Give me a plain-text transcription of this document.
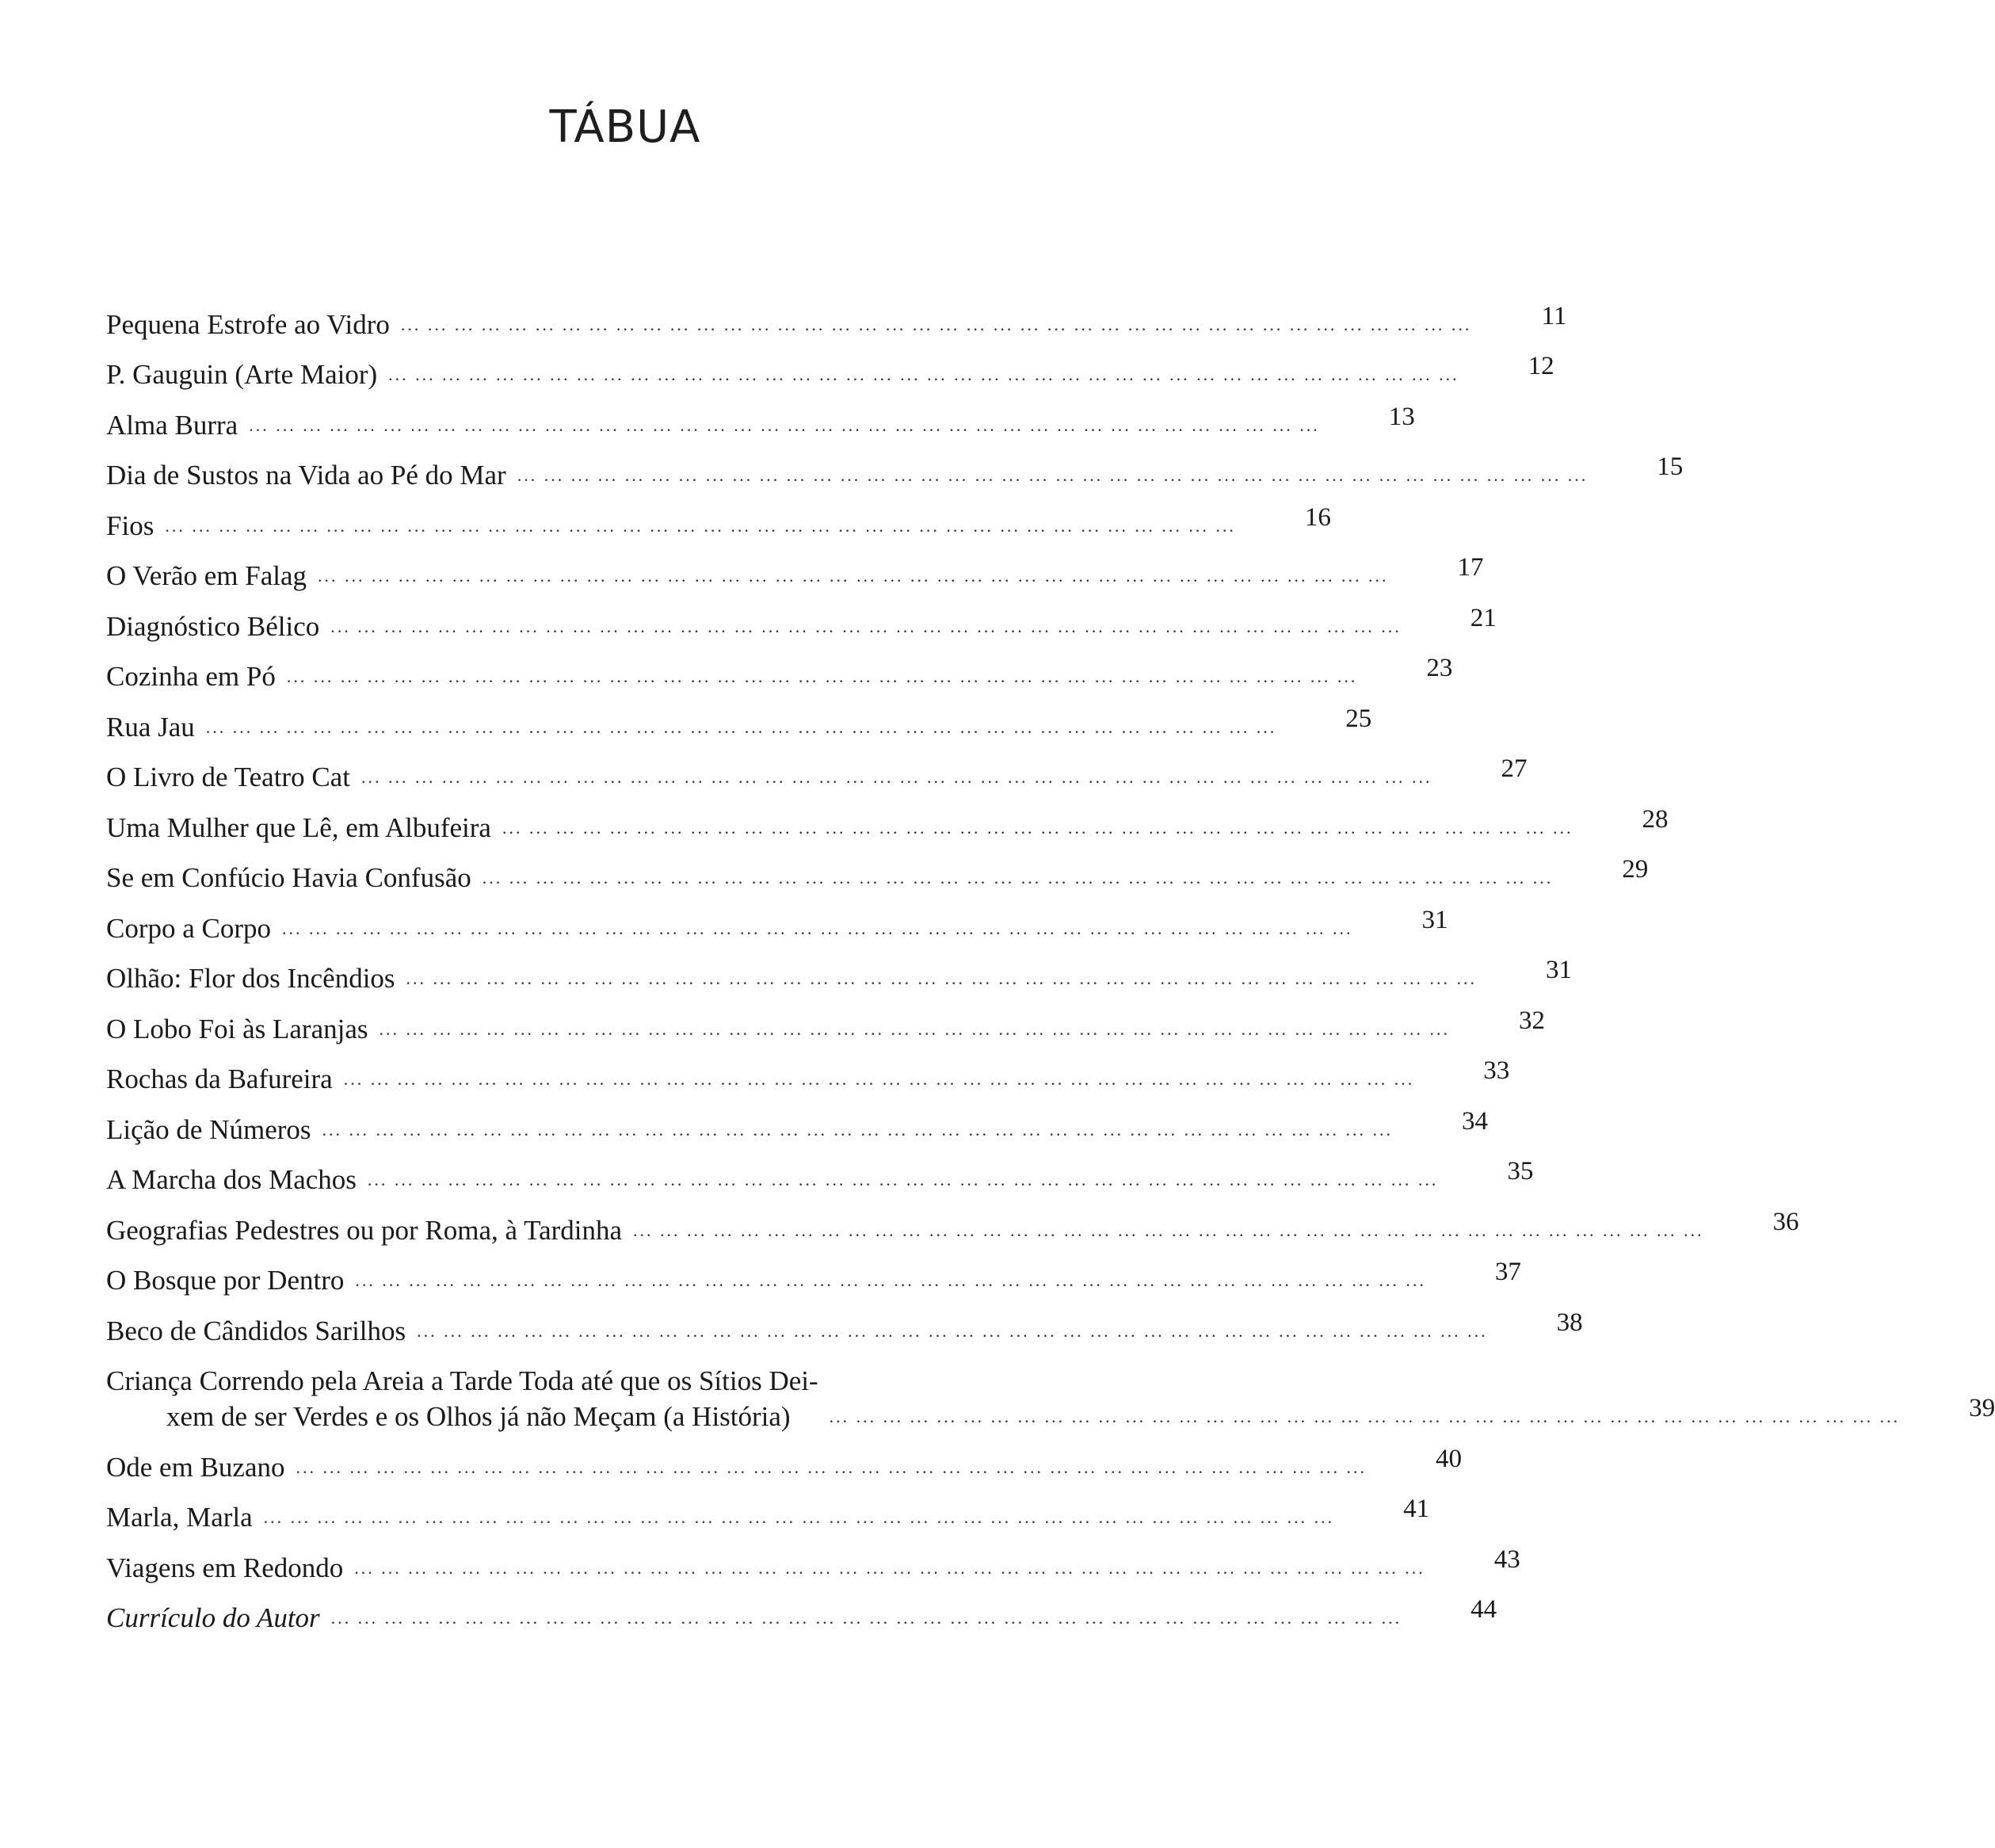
TÁBUA
Pequena Estrofe ao Vidro ... ... ... ... ... ... ... ... ... ... ... ... ... ... ... ... ... ... ... ... ... ... ... ... ... ... ... ... ... ... ... ... ... ... ... ... ... ... ... ...	11
P. Gauguin (Arte Maior) ... ... ... ... ... ... ... ... ... ... ... ... ... ... ... ... ... ... ... ... ... ... ... ... ... ... ... ... ... ... ... ... ... ... ... ... ... ... ... ...	12
Alma Burra ... ... ... ... ... ... ... ... ... ... ... ... ... ... ... ... ... ... ... ... ... ... ... ... ... ... ... ... ... ... ... ... ... ... ... ... ... ... ... ...	13
Dia de Sustos na Vida ao Pé do Mar ... ... ... ... ... ... ... ... ... ... ... ... ... ... ... ... ... ... ... ... ... ... ... ... ... ... ... ... ... ... ... ... ... ... ... ... ... ... ... ...	15
Fios ... ... ... ... ... ... ... ... ... ... ... ... ... ... ... ... ... ... ... ... ... ... ... ... ... ... ... ... ... ... ... ... ... ... ... ... ... ... ... ...	16
O Verão em Falag ... ... ... ... ... ... ... ... ... ... ... ... ... ... ... ... ... ... ... ... ... ... ... ... ... ... ... ... ... ... ... ... ... ... ... ... ... ... ... ...	17
Diagnóstico Bélico ... ... ... ... ... ... ... ... ... ... ... ... ... ... ... ... ... ... ... ... ... ... ... ... ... ... ... ... ... ... ... ... ... ... ... ... ... ... ... ...	21
Cozinha em Pó ... ... ... ... ... ... ... ... ... ... ... ... ... ... ... ... ... ... ... ... ... ... ... ... ... ... ... ... ... ... ... ... ... ... ... ... ... ... ... ...	23
Rua Jau ... ... ... ... ... ... ... ... ... ... ... ... ... ... ... ... ... ... ... ... ... ... ... ... ... ... ... ... ... ... ... ... ... ... ... ... ... ... ... ...	25
O Livro de Teatro Cat ... ... ... ... ... ... ... ... ... ... ... ... ... ... ... ... ... ... ... ... ... ... ... ... ... ... ... ... ... ... ... ... ... ... ... ... ... ... ... ...	27
Uma Mulher que Lê, em Albufeira ... ... ... ... ... ... ... ... ... ... ... ... ... ... ... ... ... ... ... ... ... ... ... ... ... ... ... ... ... ... ... ... ... ... ... ... ... ... ... ...	28
Se em Confúcio Havia Confusão ... ... ... ... ... ... ... ... ... ... ... ... ... ... ... ... ... ... ... ... ... ... ... ... ... ... ... ... ... ... ... ... ... ... ... ... ... ... ... ...	29
Corpo a Corpo ... ... ... ... ... ... ... ... ... ... ... ... ... ... ... ... ... ... ... ... ... ... ... ... ... ... ... ... ... ... ... ... ... ... ... ... ... ... ... ...	31
Olhão: Flor dos Incêndios ... ... ... ... ... ... ... ... ... ... ... ... ... ... ... ... ... ... ... ... ... ... ... ... ... ... ... ... ... ... ... ... ... ... ... ... ... ... ... ...	31
O Lobo Foi às Laranjas ... ... ... ... ... ... ... ... ... ... ... ... ... ... ... ... ... ... ... ... ... ... ... ... ... ... ... ... ... ... ... ... ... ... ... ... ... ... ... ...	32
Rochas da Bafureira ... ... ... ... ... ... ... ... ... ... ... ... ... ... ... ... ... ... ... ... ... ... ... ... ... ... ... ... ... ... ... ... ... ... ... ... ... ... ... ...	33
Lição de Números ... ... ... ... ... ... ... ... ... ... ... ... ... ... ... ... ... ... ... ... ... ... ... ... ... ... ... ... ... ... ... ... ... ... ... ... ... ... ... ...	34
A Marcha dos Machos ... ... ... ... ... ... ... ... ... ... ... ... ... ... ... ... ... ... ... ... ... ... ... ... ... ... ... ... ... ... ... ... ... ... ... ... ... ... ... ...	35
Geografias Pedestres ou por Roma, à Tardinha ... ... ... ... ... ... ... ... ... ... ... ... ... ... ... ... ... ... ... ... ... ... ... ... ... ... ... ... ... ... ... ... ... ... ... ... ... ... ... ...	36
O Bosque por Dentro ... ... ... ... ... ... ... ... ... ... ... ... ... ... ... ... ... ... ... ... ... ... ... ... ... ... ... ... ... ... ... ... ... ... ... ... ... ... ... ...	37
Beco de Cândidos Sarilhos ... ... ... ... ... ... ... ... ... ... ... ... ... ... ... ... ... ... ... ... ... ... ... ... ... ... ... ... ... ... ... ... ... ... ... ... ... ... ... ...	38
Criança Correndo pela Areia a Tarde Toda até que os Sítios Dei-
xem de ser Verdes e os Olhos já não Meçam (a História)	... ... ... ... ... ... ... ... ... ... ... ... ... ... ... ... ... ... ... ... ... ... ... ... ... ... ... ... ... ... ... ... ... ... ... ... ... ... ... ...	39
Ode em Buzano ... ... ... ... ... ... ... ... ... ... ... ... ... ... ... ... ... ... ... ... ... ... ... ... ... ... ... ... ... ... ... ... ... ... ... ... ... ... ... ...	40
Marla, Marla ... ... ... ... ... ... ... ... ... ... ... ... ... ... ... ... ... ... ... ... ... ... ... ... ... ... ... ... ... ... ... ... ... ... ... ... ... ... ... ...	41
Viagens em Redondo ... ... ... ... ... ... ... ... ... ... ... ... ... ... ... ... ... ... ... ... ... ... ... ... ... ... ... ... ... ... ... ... ... ... ... ... ... ... ... ...	43
Currículo do Autor ... ... ... ... ... ... ... ... ... ... ... ... ... ... ... ... ... ... ... ... ... ... ... ... ... ... ... ... ... ... ... ... ... ... ... ... ... ... ... ...	44
